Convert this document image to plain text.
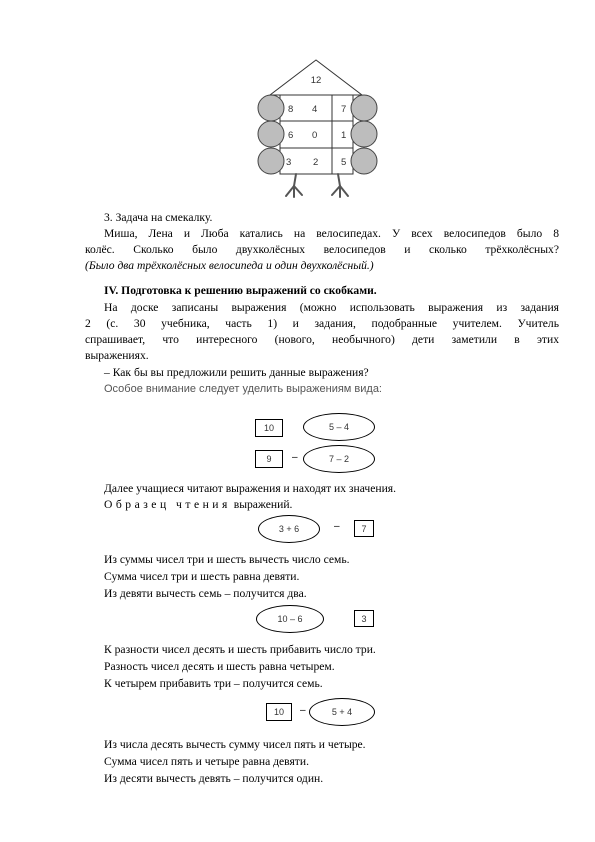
12
8 4 7
6 0 1
3 2 5
3. Задача на смекалку.
Миша, Лена и Люба катались на велосипедах. У всех велосипедов было 8
колёс. Сколько было двухколёсных велосипедов и сколько трёхколёсных?
(Было два трёхколёсных велосипеда и один двухколёсный.)
IV. Подготовка к решению выражений со скобками.
На доске записаны выражения (можно использовать выражения из задания
2 (с. 30 учебника, часть 1) и задания, подобранные учителем. Учитель
спрашивает, что интересного (нового, необычного) дети заметили в этих
выражениях.
– Как бы вы предложили решить данные выражения?
Особое внимание следует уделить выражениям вида:
10	5 – 4
9	–	7 – 2
Далее учащиеся читают выражения и находят их значения.
Образец чтения выражений.
3 + 6	–	7
Из суммы чисел три и шесть вычесть число семь.
Сумма чисел три и шесть равна девяти.
Из девяти вычесть семь – получится два.
10 – 6	3
К разности чисел десять и шесть прибавить число три.
Разность чисел десять и шесть равна четырем.
К четырем прибавить три – получится семь.
10	–	5 + 4
Из числа десять вычесть сумму чисел пять и четыре.
Сумма чисел пять и четыре равна девяти.
Из десяти вычесть девять – получится один.
